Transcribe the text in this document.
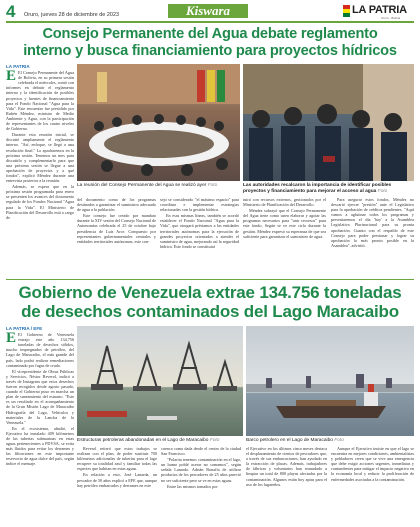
4 Oruro, jueves 28 de diciembre de 2023	Kiswara	LA PATRIA
Oruro - Bolivia
Consejo Permanente del Agua debate reglamento
interno y busca financiamiento para proyectos hídricos
LA PATRIA
E El Consejo Permanente del Agua de Bolivia, en su primera sesión celebrada el miércoles, contó con informes en debatir el reglamento interno y la identificación de posibles proyectos y fuentes de financiamiento para el Fondo Nacional "Agua para la Vida". Este encuentro fue presidido por Rubén Méndez, ministro de Medio Ambiente y Agua, con la participación de representantes de los cuatro niveles de Gobierno.

Durante esta reunión inicial, se discutió ampliamente el reglamento interno. "Así, enfoque, se llegó a una resolución final." Lo aprobaremos en la próxima sesión. Tenemos un mes para discutirlo y complementarlo para que una próxima sesión se llegue a una aprobación de proyectos y a qué fondos", explicó Méndez durante una entrevista posterior a la reunión.

Además, se espera que en la próxima sesión programada para enero se presenten los avances del documento regulado de los Fondos Nacional "Agua para la Vida". El Ministerio de Planificación del Desarrollo está a cargo de

La reunión del Consejo Permanente del Agua se realizó ayer Foto	Las autoridades recalcaron la importancia de identificar posibles proyectos y financiamiento para mejorar el acceso al agua Foto

del documento como de los programas destinados a garantizar el suministro adecuado de agua a la población.

Este consejo fue creado por mandato durante la XIV sesión del Consejo Nacional de Autonomías celebrada el 25 de octubre bajo presidencia de Luis Arce. Compuesto por representantes gubernamentales centrales y entidades territoriales autónomas, este con-

sejo se considerado "el máximo espacio" para coordinar e implementar estrategias relacionadas con la gestión hídrica.

En esas mismas líneas, también se acordó establecer el Fondo Nacional "Agua para la Vida", que otorgará préstamos a las entidades territoriales autónomas para la ejecución de grandes proyectos orientados a atender el suministro de agua, mejorando así la seguridad hídrica. Este fondo se constituirá

tuirá con recursos externos, gestionados por el Ministerio de Planificación del Desarrollo.

Méndez subrayó que el Consejo Permanente del Agua tiene como tarea elaborar y agotar las programas necesarios para "unir recursos" para este fondo. Según se ve este ciclo durante la gestión. Méndez expresó su esperanza de que sea suficiente para garantizar el suministro de agua.

Para asegurar estos fondos, Méndez no descartó ejercer "presión" ante el Legislativo para la aprobación de créditos pendientes. "Aquí vamos a aglutinar todos los programas y presentaremos el día 'hoy' a la Asamblea Legislativa Plurinacional para su pronta aprobación. Cuanto con el respaldo de este Consejo para poder presionar y lograr su aprobación lo más pronto posible en la Asamblea", advirtió.

Gobierno de Venezuela extrae 134.756 toneladas
de desechos contaminados del Lago Maracaibo
LA PATRIA / EFE
E El Gobierno de Venezuela extrajo este año 134.756 toneladas de desechos sólidos, mucho impregnados de petróleo, del Lago de Maracaibo, el más grande del país, lado podrá realizar remediaciones contaminado por fugas de crudo.

El vicepresidente de Obras Públicas y Servicios, Néstor Reverol, indicó a través de Instagram que estos desechos fueron recogidos desde agosto pasado, cuando el Gobierno puso en marcha un plan de saneamiento del estuario. "Este es un resultado en el acompañamiento de la Gran Misión Lago de Maracaibo Hidrografía del Lago, Vehículos y materiales de la Lancha de la Venezuela."

En el ecosistema, añadió, el Ejecutivo ha instalado 409 kilómetros de las tuberías submarinas en estas aguas pertenecientes a PDVSA, se evita más fluidos para evitar los derrames y las filtraciones en este importante reservorio de agua dulce del país, según índice el mensaje.

Estructuras petroleras abandonadas en el Lago de Maracaibo Foto	Barco petrolero en el Lago de Maracaibo Foto

Reverol reiteró que estos trabajos se realizan con el plan, de poder sustituir 700 kilómetros adicionales de tuberías para el lago recupere su totalidad azul y familiar todas las especies que habitan en estas aguas.

En relación a esto, José Lanarda, un pescador de 50 años explicó a EFE que, aunque hay petróleo embarcados y derrames en este

cuenca como dada desde el centro de la ciudad San Francisco.

"Polarita tenemos contaminación en el lago, un humo poblé acerar no comamos", según señala Lanardo. Adrián Bonafía de utilizar productos de los pescadores de 25 años pareció no ser suficiente pero se ve en estas aguas.

Entre las mismos tomados por

el Ejecutivo en los últimos cinco meses destaca el desplazamiento de cientos de pescadores que, a través de sus embarcaciones, han ayudado en la extracción de placas. Además, trabajadores de fábricas y voluntarios han reanudado a limpiar un total de 800 playas afectadas por la contaminación. Algunos están hoy aptas para el uso de los lugareños.

Aunque el Ejecutivo insiste en que el lago se encuentra en mejores condiciones, ambientalistas y pobladores creen que se vive una emergencia que debe exigir acciones urgentes, inmediatas y contundentes para mitigar el impacto negativo en la economía local y reducir la proliferación de enfermedades asociadas a la contaminación.
